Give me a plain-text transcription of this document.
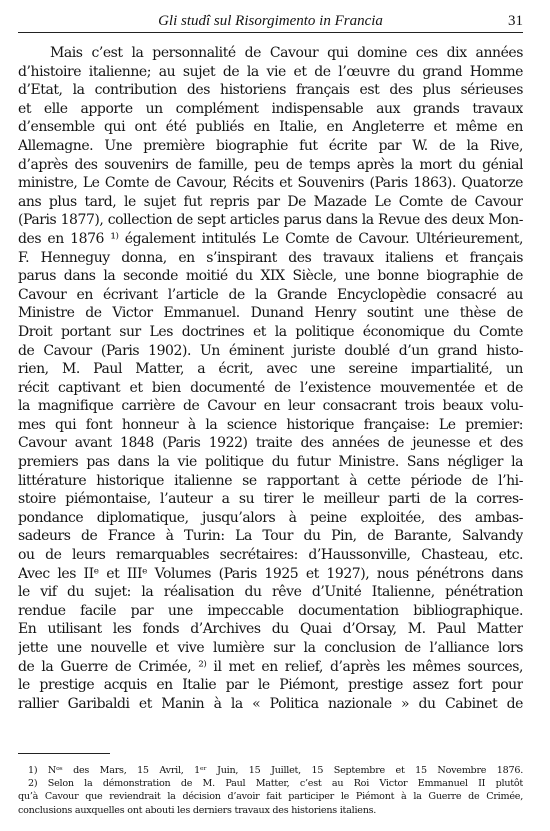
Gli studî sul Risorgimento in Francia	31
Mais c’est la personnalité de Cavour qui domine ces dix années
d’histoire italienne; au sujet de la vie et de l’œuvre du grand Homme
d’Etat, la contribution des historiens français est des plus sérieuses
et elle apporte un complément indispensable aux grands travaux
d’ensemble qui ont été publiés en Italie, en Angleterre et même en
Allemagne. Une première biographie fut écrite par W. de la Rive,
d’après des souvenirs de famille, peu de temps après la mort du génial
ministre, Le Comte de Cavour, Récits et Souvenirs (Paris 1863). Quatorze
ans plus tard, le sujet fut repris par De Mazade Le Comte de Cavour
(Paris 1877), collection de sept articles parus dans la Revue des deux Mon-
des en 1876 ¹⁾ également intitulés Le Comte de Cavour. Ultérieurement,
F. Henneguy donna, en s’inspirant des travaux italiens et français
parus dans la seconde moitié du XIX Siècle, une bonne biographie de
Cavour en écrivant l’article de la Grande Encyclopèdie consacré au
Ministre de Victor Emmanuel. Dunand Henry soutint une thèse de
Droit portant sur Les doctrines et la politique économique du Comte
de Cavour (Paris 1902). Un éminent juriste doublé d’un grand histo-
rien, M. Paul Matter, a écrit, avec une sereine impartialité, un
récit captivant et bien documenté de l’existence mouvementée et de
la magnifique carrière de Cavour en leur consacrant trois beaux volu-
mes qui font honneur à la science historique française: Le premier:
Cavour avant 1848 (Paris 1922) traite des années de jeunesse et des
premiers pas dans la vie politique du futur Ministre. Sans négliger la
littérature historique italienne se rapportant à cette période de l’hi-
stoire piémontaise, l’auteur a su tirer le meilleur parti de la corres-
pondance diplomatique, jusqu’alors à peine exploitée, des ambas-
sadeurs de France à Turin: La Tour du Pin, de Barante, Salvandy
ou de leurs remarquables secrétaires: d’Haussonville, Chasteau, etc.
Avec les IIᵉ et IIIᵉ Volumes (Paris 1925 et 1927), nous pénétrons dans
le vif du sujet: la réalisation du rêve d’Unité Italienne, pénétration
rendue facile par une impeccable documentation bibliographique.
En utilisant les fonds d’Archives du Quai d’Orsay, M. Paul Matter
jette une nouvelle et vive lumière sur la conclusion de l’alliance lors
de la Guerre de Crimée, ²⁾ il met en relief, d’après les mêmes sources,
le prestige acquis en Italie par le Piémont, prestige assez fort pour
rallier Garibaldi et Manin à la « Politica nazionale » du Cabinet de
1) Nᵒˢ des Mars, 15 Avril, 1ᵉʳ Juin, 15 Juillet, 15 Septembre et 15 Novembre 1876.
2) Selon la démonstration de M. Paul Matter, c’est au Roi Victor Emmanuel II plutôt
qu’à Cavour que reviendrait la décision d’avoir fait participer le Piémont à la Guerre de Crimée,
conclusions auxquelles ont abouti les derniers travaux des historiens italiens.
